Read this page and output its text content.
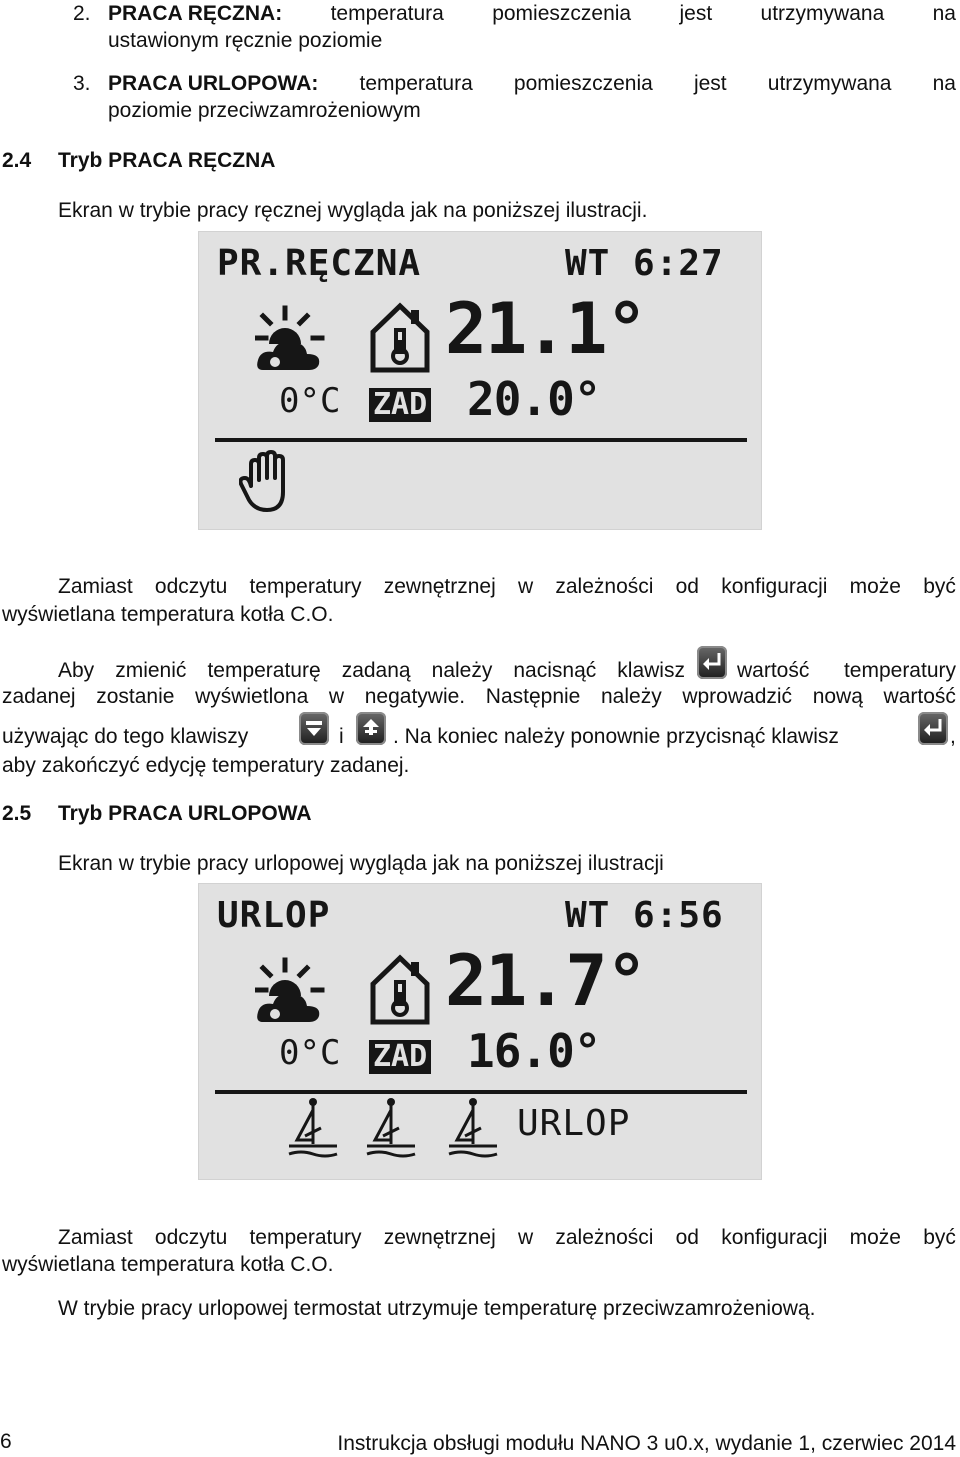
2. PRACA RĘCZNA: temperatura pomieszczenia jest utrzymywana na
ustawionym ręcznie poziomie
3. PRACA URLOPOWA: temperatura pomieszczenia jest utrzymywana na
poziomie przeciwzamrożeniowym
2.4 Tryb PRACA RĘCZNA
Ekran w trybie pracy ręcznej wygląda jak na poniższej ilustracji.
PR.RĘCZNA	WT 6:27
21.1°
0°C ZAD 20.0°
Zamiast odczytu temperatury zewnętrznej w zależności od konfiguracji może być
wyświetlana temperatura kotła C.O.
Aby zmienić temperaturę zadaną należy nacisnąć klawisz wartość temperatury
zadanej zostanie wyświetlona w negatywie. Następnie należy wprowadzić nową wartość
używając do tego klawiszy	i . Na koniec należy ponownie przycisnąć klawisz	,
aby zakończyć edycję temperatury zadanej.
2.5 Tryb PRACA URLOPOWA
Ekran w trybie pracy urlopowej wygląda jak na poniższej ilustracji
URLOP	WT 6:56
21.7°
0°C ZAD 16.0°
URLOP
Zamiast odczytu temperatury zewnętrznej w zależności od konfiguracji może być
wyświetlana temperatura kotła C.O.
W trybie pracy urlopowej termostat utrzymuje temperaturę przeciwzamrożeniową.
6	Instrukcja obsługi modułu NANO 3 u0.x, wydanie 1, czerwiec 2014
